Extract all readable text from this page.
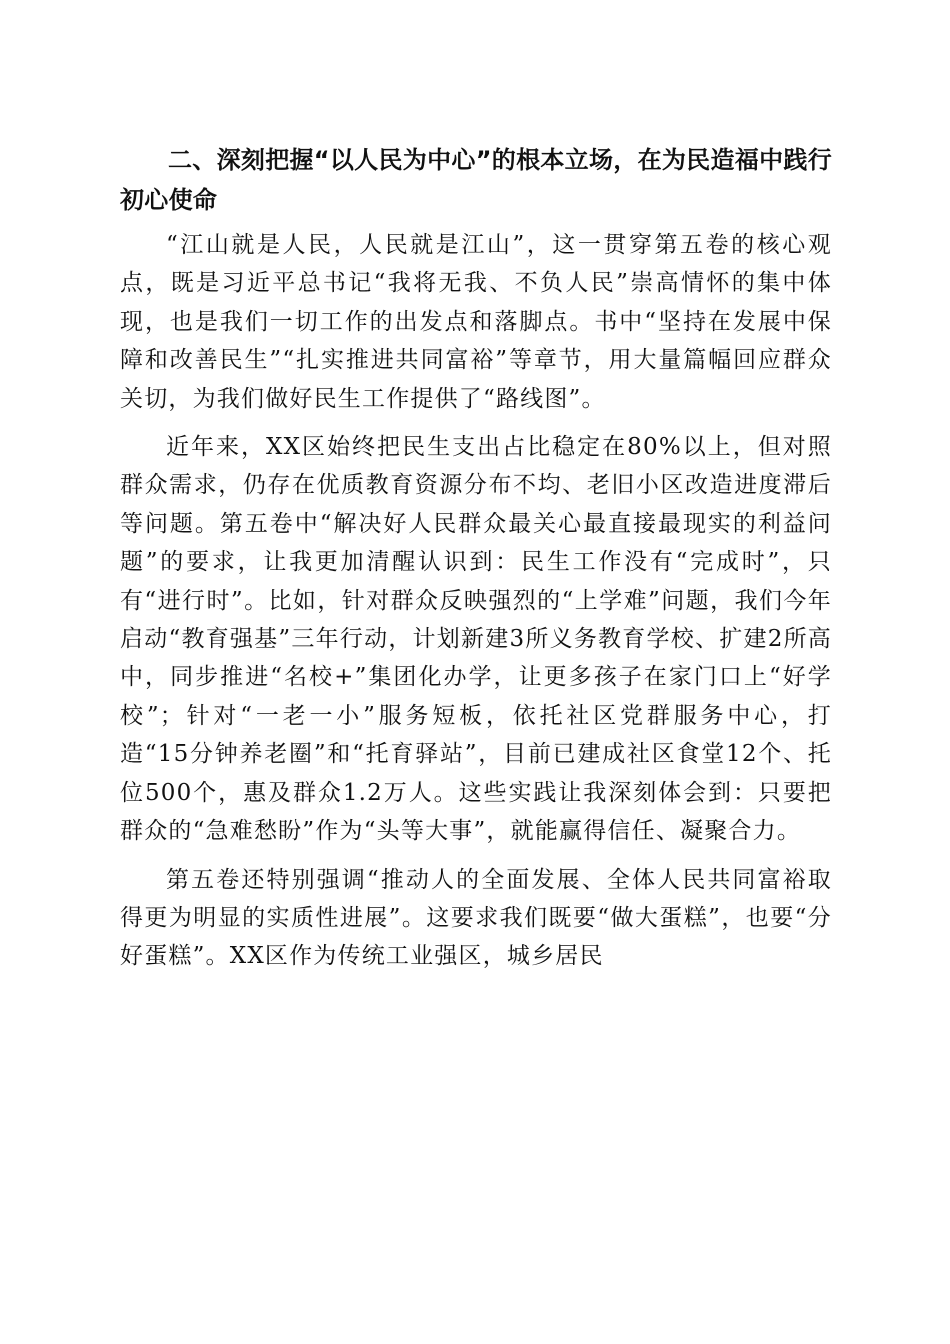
二、深刻把握“以人民为中心”的根本立场，在为民造福中践行初心使命

“江山就是人民，人民就是江山”，这一贯穿第五卷的核心观点，既是习近平总书记“我将无我、不负人民”崇高情怀的集中体现，也是我们一切工作的出发点和落脚点。书中“坚持在发展中保障和改善民生”“扎实推进共同富裕”等章节，用大量篇幅回应群众关切，为我们做好民生工作提供了“路线图”。

近年来，XX区始终把民生支出占比稳定在80%以上，但对照群众需求，仍存在优质教育资源分布不均、老旧小区改造进度滞后等问题。第五卷中“解决好人民群众最关心最直接最现实的利益问题”的要求，让我更加清醒认识到：民生工作没有“完成时”，只有“进行时”。比如，针对群众反映强烈的“上学难”问题，我们今年启动“教育强基”三年行动，计划新建3所义务教育学校、扩建2所高中，同步推进“名校+”集团化办学，让更多孩子在家门口上“好学校”；针对“一老一小”服务短板，依托社区党群服务中心，打造“15分钟养老圈”和“托育驿站”，目前已建成社区食堂12个、托位500个，惠及群众1.2万人。这些实践让我深刻体会到：只要把群众的“急难愁盼”作为“头等大事”，就能赢得信任、凝聚合力。

第五卷还特别强调“推动人的全面发展、全体人民共同富裕取得更为明显的实质性进展”。这要求我们既要“做大蛋糕”，也要“分好蛋糕”。XX区作为传统工业强区，城乡居民
